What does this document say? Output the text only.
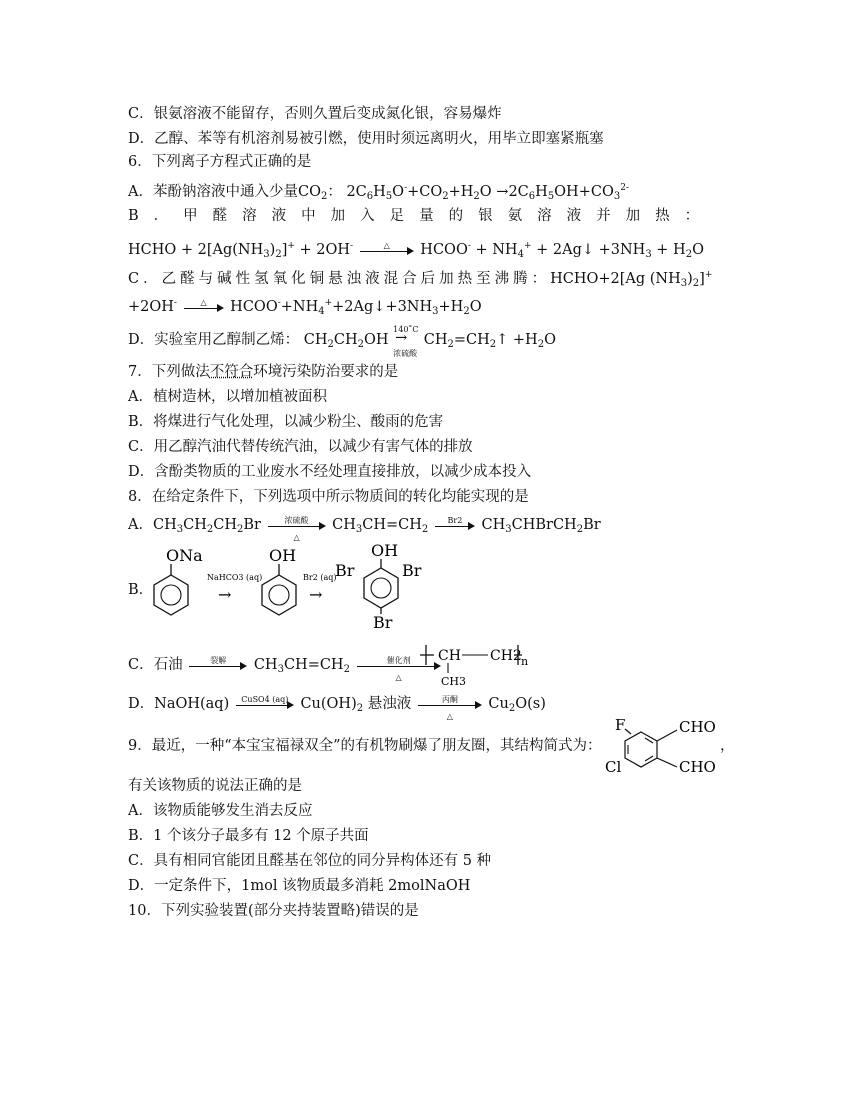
C．银氨溶液不能留存，否则久置后变成氮化银，容易爆炸
D．乙醇、苯等有机溶剂易被引燃，使用时须远离明火，用毕立即塞紧瓶塞
6．下列离子方程式正确的是
A．苯酚钠溶液中通入少量$CO_2$： $2C_6H_5O^-+CO_2+H_2O \to 2C_6H_5OH+CO_3^{2-}$
B．甲醛溶液中加入足量的银氨溶液并加热：
HCHO + $2[Ag(NH_3)_2]^+ + 2OH^-$	△	HCOO- + $NH_4^+$ + 2Ag↓ $+3NH_3 + H_2O$
C．乙醛与碱性氢氧化铜悬浊液混合后加热至沸腾：HCHO+2[Ag $(NH_3)_2]^+$
+2OH-	△	$HCOO^-+NH_4^++2Ag↓+3NH_3+H_2O$
D．实验室用乙醇制乙烯： $CH_2CH_2OH$
140˚C
→
浓硫酸
$CH_2=CH_2↑ +H_2O$
7．下列做法不符合环境污染防治要求的是
A．植树造林，以增加植被面积
B．将煤进行气化处理，以减少粉尘、酸雨的危害
C．用乙醇汽油代替传统汽油，以减少有害气体的排放
D．含酚类物质的工业废水不经处理直接排放，以减少成本投入
8．在给定条件下，下列选项中所示物质间的转化均能实现的是
A．$CH_3CH_2CH_2Br$	浓硫酸
△
$CH_3CH=CH_2$
Br2	$CH_3CHBrCH_2Br$
B．
ONa
NaHCO3 (aq)
→
OH
Br2 (aq)
→
OH
Br	Br
Br
C．石油	裂解	$CH_3CH=CH_2$
催化剂
△
CH CH2 n
CH3
D．NaOH(aq) CuSO4 (aq) $Cu(OH)_2$ 悬浊液	丙酮
△
$Cu_2O(s)$
9．最近，一种“本宝宝福禄双全”的有机物刷爆了朋友圈，其结构简式为：
F
Cl
CHO
CHO
，
有关该物质的说法正确的是
A．该物质能够发生消去反应
B．1 个该分子最多有 12 个原子共面
C．具有相同官能团且醛基在邻位的同分异构体还有 5 种
D．一定条件下，1mol 该物质最多消耗 2molNaOH
10．下列实验装置(部分夹持装置略)错误的是
